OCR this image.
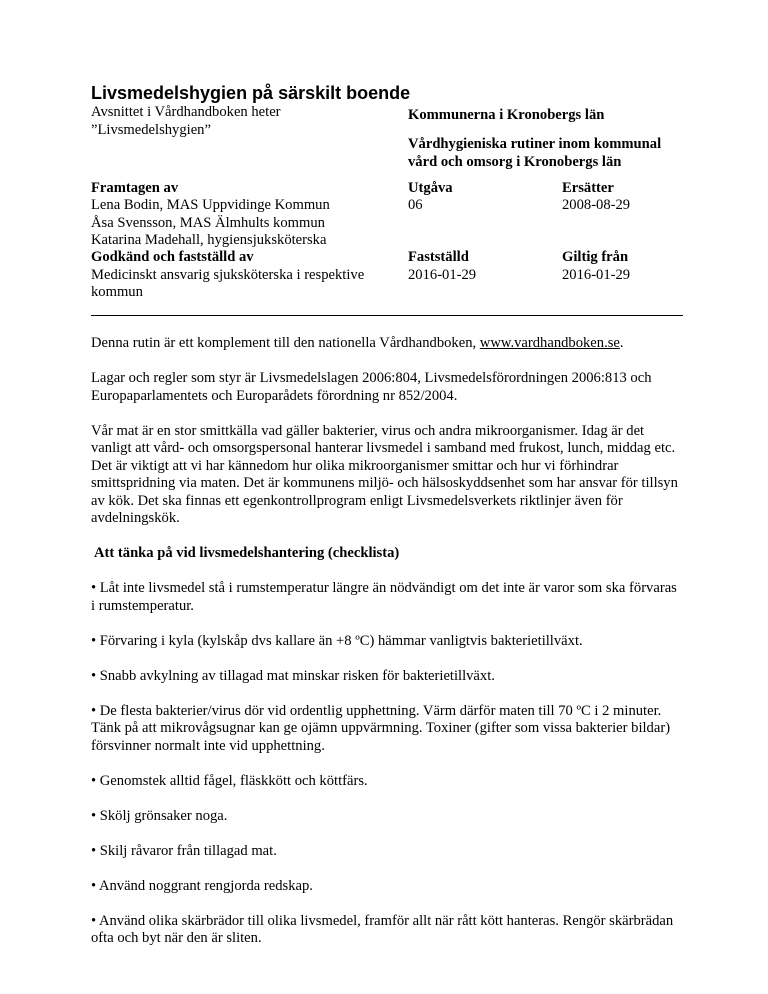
Livsmedelshygien på särskilt boende
Avsnittet i Vårdhandboken heter
”Livsmedelshygien”
Kommunerna i Kronobergs län
Vårdhygieniska rutiner inom kommunal
vård och omsorg i Kronobergs län
Framtagen av
Lena Bodin, MAS Uppvidinge Kommun
Åsa Svensson, MAS Älmhults kommun
Katarina Madehall, hygiensjuksköterska
Godkänd och fastställd av
Medicinskt ansvarig sjuksköterska i respektive
kommun
Utgåva
06
Ersätter
2008-08-29
Fastställd
2016-01-29
Giltig från
2016-01-29

Denna rutin är ett komplement till den nationella Vårdhandboken, www.vardhandboken.se.

Lagar och regler som styr är Livsmedelslagen 2006:804, Livsmedelsförordningen 2006:813 och Europaparlamentets och Europarådets förordning nr 852/2004.

Vår mat är en stor smittkälla vad gäller bakterier, virus och andra mikroorganismer. Idag är det vanligt att vård- och omsorgspersonal hanterar livsmedel i samband med frukost, lunch, middag etc. Det är viktigt att vi har kännedom hur olika mikroorganismer smittar och hur vi förhindrar smittspridning via maten. Det är kommunens miljö- och hälsoskyddsenhet som har ansvar för tillsyn av kök. Det ska finnas ett egenkontrollprogram enligt Livsmedelsverkets riktlinjer även för avdelningskök.

Att tänka på vid livsmedelshantering (checklista)

• Låt inte livsmedel stå i rumstemperatur längre än nödvändigt om det inte är varor som ska förvaras i rumstemperatur.

• Förvaring i kyla (kylskåp dvs kallare än +8 ºC) hämmar vanligtvis bakterietillväxt.

• Snabb avkylning av tillagad mat minskar risken för bakterietillväxt.

• De flesta bakterier/virus dör vid ordentlig upphettning. Värm därför maten till 70 ºC i 2 minuter. Tänk på att mikrovågsugnar kan ge ojämn uppvärmning. Toxiner (gifter som vissa bakterier bildar) försvinner normalt inte vid upphettning.

• Genomstek alltid fågel, fläskkött och köttfärs.

• Skölj grönsaker noga.

• Skilj råvaror från tillagad mat.

• Använd noggrant rengjorda redskap.

• Använd olika skärbrädor till olika livsmedel, framför allt när rått kött hanteras. Rengör skärbrädan ofta och byt när den är sliten.
